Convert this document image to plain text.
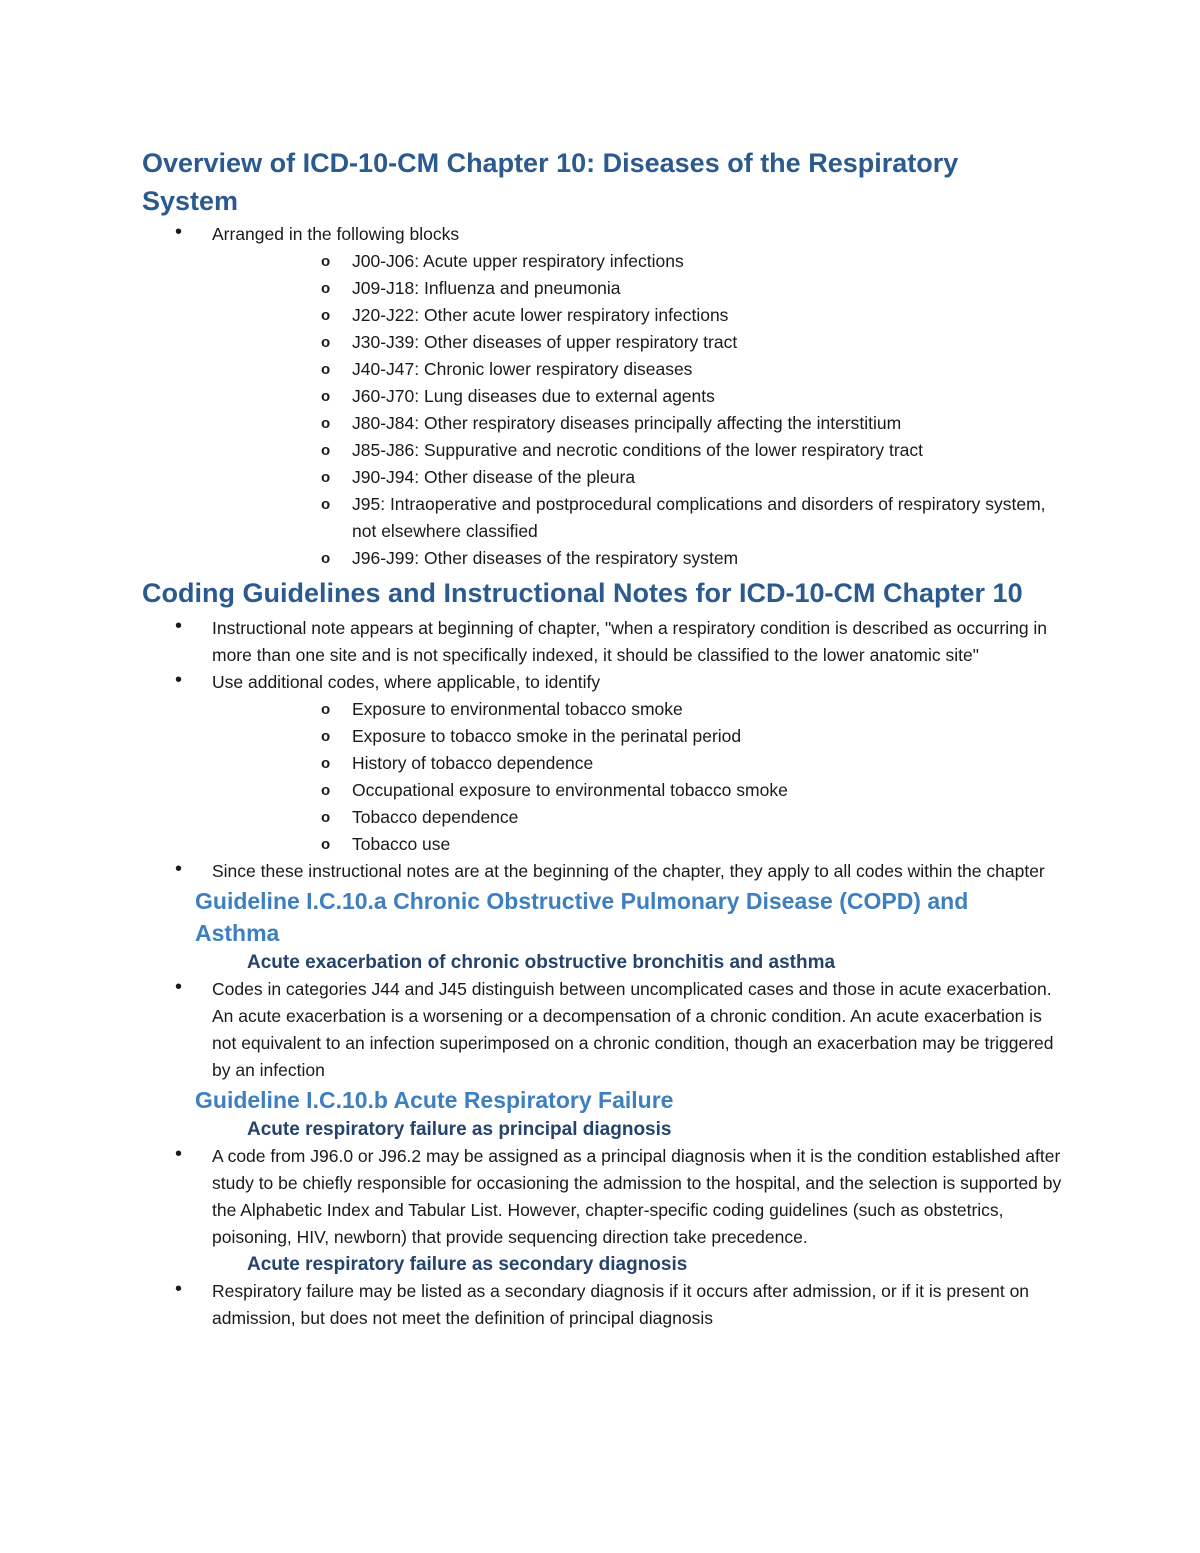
Overview of ICD-10-CM Chapter 10: Diseases of the Respiratory
System
• Arranged in the following blocks
o J00-J06: Acute upper respiratory infections
o J09-J18: Influenza and pneumonia
o J20-J22: Other acute lower respiratory infections
o J30-J39: Other diseases of upper respiratory tract
o J40-J47: Chronic lower respiratory diseases
o J60-J70: Lung diseases due to external agents
o J80-J84: Other respiratory diseases principally affecting the interstitium
o J85-J86: Suppurative and necrotic conditions of the lower respiratory tract
o J90-J94: Other disease of the pleura
o J95: Intraoperative and postprocedural complications and disorders of respiratory system, not elsewhere classified
o J96-J99: Other diseases of the respiratory system
Coding Guidelines and Instructional Notes for ICD-10-CM Chapter 10
• Instructional note appears at beginning of chapter, "when a respiratory condition is described as occurring in more than one site and is not specifically indexed, it should be classified to the lower anatomic site"
• Use additional codes, where applicable, to identify
o Exposure to environmental tobacco smoke
o Exposure to tobacco smoke in the perinatal period
o History of tobacco dependence
o Occupational exposure to environmental tobacco smoke
o Tobacco dependence
o Tobacco use
• Since these instructional notes are at the beginning of the chapter, they apply to all codes within the chapter
Guideline I.C.10.a Chronic Obstructive Pulmonary Disease (COPD) and
Asthma
Acute exacerbation of chronic obstructive bronchitis and asthma
• Codes in categories J44 and J45 distinguish between uncomplicated cases and those in acute exacerbation. An acute exacerbation is a worsening or a decompensation of a chronic condition. An acute exacerbation is not equivalent to an infection superimposed on a chronic condition, though an exacerbation may be triggered by an infection
Guideline I.C.10.b Acute Respiratory Failure
Acute respiratory failure as principal diagnosis
• A code from J96.0 or J96.2 may be assigned as a principal diagnosis when it is the condition established after study to be chiefly responsible for occasioning the admission to the hospital, and the selection is supported by the Alphabetic Index and Tabular List. However, chapter-specific coding guidelines (such as obstetrics, poisoning, HIV, newborn) that provide sequencing direction take precedence.
Acute respiratory failure as secondary diagnosis
• Respiratory failure may be listed as a secondary diagnosis if it occurs after admission, or if it is present on admission, but does not meet the definition of principal diagnosis
